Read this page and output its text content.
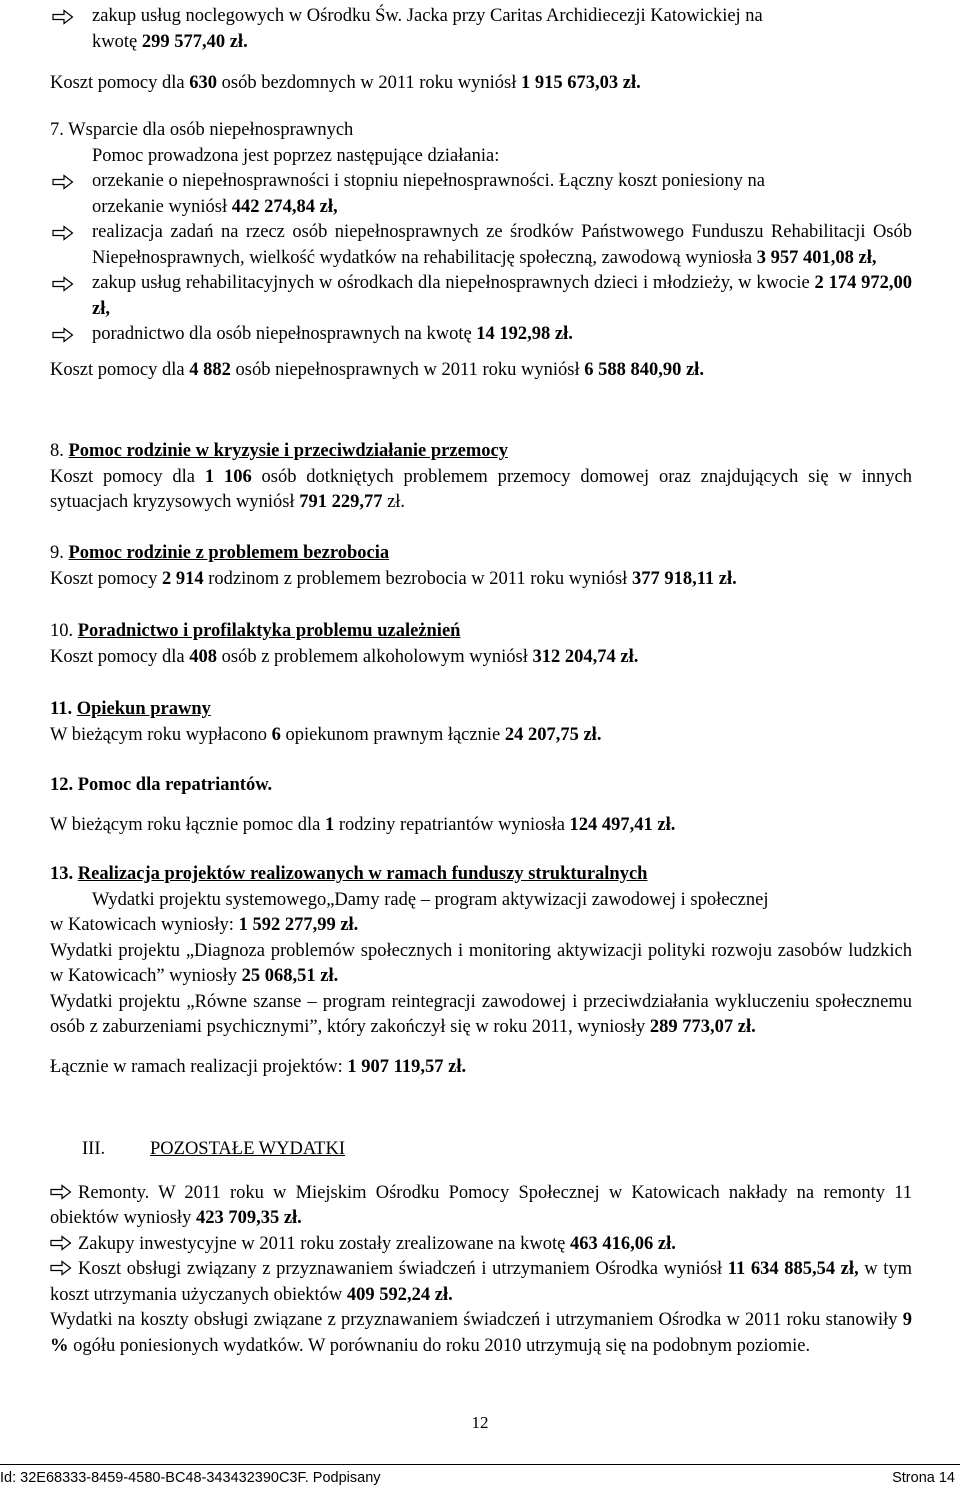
zakup usług noclegowych w Ośrodku Św. Jacka przy Caritas Archidiecezji Katowickiej na
kwotę 299 577,40 zł.

Koszt pomocy dla 630 osób bezdomnych w 2011 roku wyniósł 1 915 673,03 zł.

7. Wsparcie dla osób niepełnosprawnych

Pomoc prowadzona jest poprzez następujące działania:

orzekanie o niepełnosprawności i stopniu niepełnosprawności. Łączny koszt poniesiony na
orzekanie wyniósł 442 274,84 zł,

realizacja zadań na rzecz osób niepełnosprawnych ze środków Państwowego Funduszu Rehabilitacji Osób Niepełnosprawnych, wielkość wydatków na rehabilitację społeczną, zawodową wyniosła 3 957 401,08 zł,

zakup usług rehabilitacyjnych w ośrodkach dla niepełnosprawnych dzieci i młodzieży, w kwocie 2 174 972,00 zł,

poradnictwo dla osób niepełnosprawnych na kwotę 14 192,98 zł.

Koszt pomocy dla 4 882 osób niepełnosprawnych w 2011 roku wyniósł 6 588 840,90 zł.

8. Pomoc rodzinie w kryzysie i przeciwdziałanie przemocy

Koszt pomocy dla 1 106 osób dotkniętych problemem przemocy domowej oraz znajdujących się w innych sytuacjach kryzysowych wyniósł 791 229,77 zł.

9. Pomoc rodzinie z problemem bezrobocia

Koszt pomocy 2 914 rodzinom z problemem bezrobocia w 2011 roku wyniósł 377 918,11 zł.

10. Poradnictwo i profilaktyka problemu uzależnień

Koszt pomocy dla 408 osób z problemem alkoholowym wyniósł 312 204,74 zł.

11. Opiekun prawny

W bieżącym roku wypłacono 6 opiekunom prawnym łącznie 24 207,75 zł.

12. Pomoc dla repatriantów.

W bieżącym roku łącznie pomoc dla 1 rodziny repatriantów wyniosła 124 497,41 zł.

13. Realizacja projektów realizowanych w ramach funduszy strukturalnych

Wydatki projektu systemowego„Damy radę – program aktywizacji zawodowej i społecznej

w Katowicach wyniosły: 1 592 277,99 zł.

Wydatki projektu „Diagnoza problemów społecznych i monitoring aktywizacji polityki rozwoju zasobów ludzkich w Katowicach” wyniosły 25 068,51 zł.

Wydatki projektu „Równe szanse – program reintegracji zawodowej i przeciwdziałania wykluczeniu społecznemu osób z zaburzeniami psychicznymi”, który zakończył się w roku 2011, wyniosły 289 773,07 zł.

Łącznie w ramach realizacji projektów: 1 907 119,57 zł.

III. POZOSTAŁE WYDATKI

Remonty. W 2011 roku w Miejskim Ośrodku Pomocy Społecznej w Katowicach nakłady na remonty 11 obiektów wyniosły 423 709,35 zł.

Zakupy inwestycyjne w 2011 roku zostały zrealizowane na kwotę 463 416,06 zł.

Koszt obsługi związany z przyznawaniem świadczeń i utrzymaniem Ośrodka wyniósł 11 634 885,54 zł, w tym koszt utrzymania użyczanych obiektów 409 592,24 zł.

Wydatki na koszty obsługi związane z przyznawaniem świadczeń i utrzymaniem Ośrodka w 2011 roku stanowiły 9 % ogółu poniesionych wydatków. W porównaniu do roku 2010 utrzymują się na podobnym poziomie.

12
Id: 32E68333-8459-4580-BC48-343432390C3F. Podpisany	Strona 14
